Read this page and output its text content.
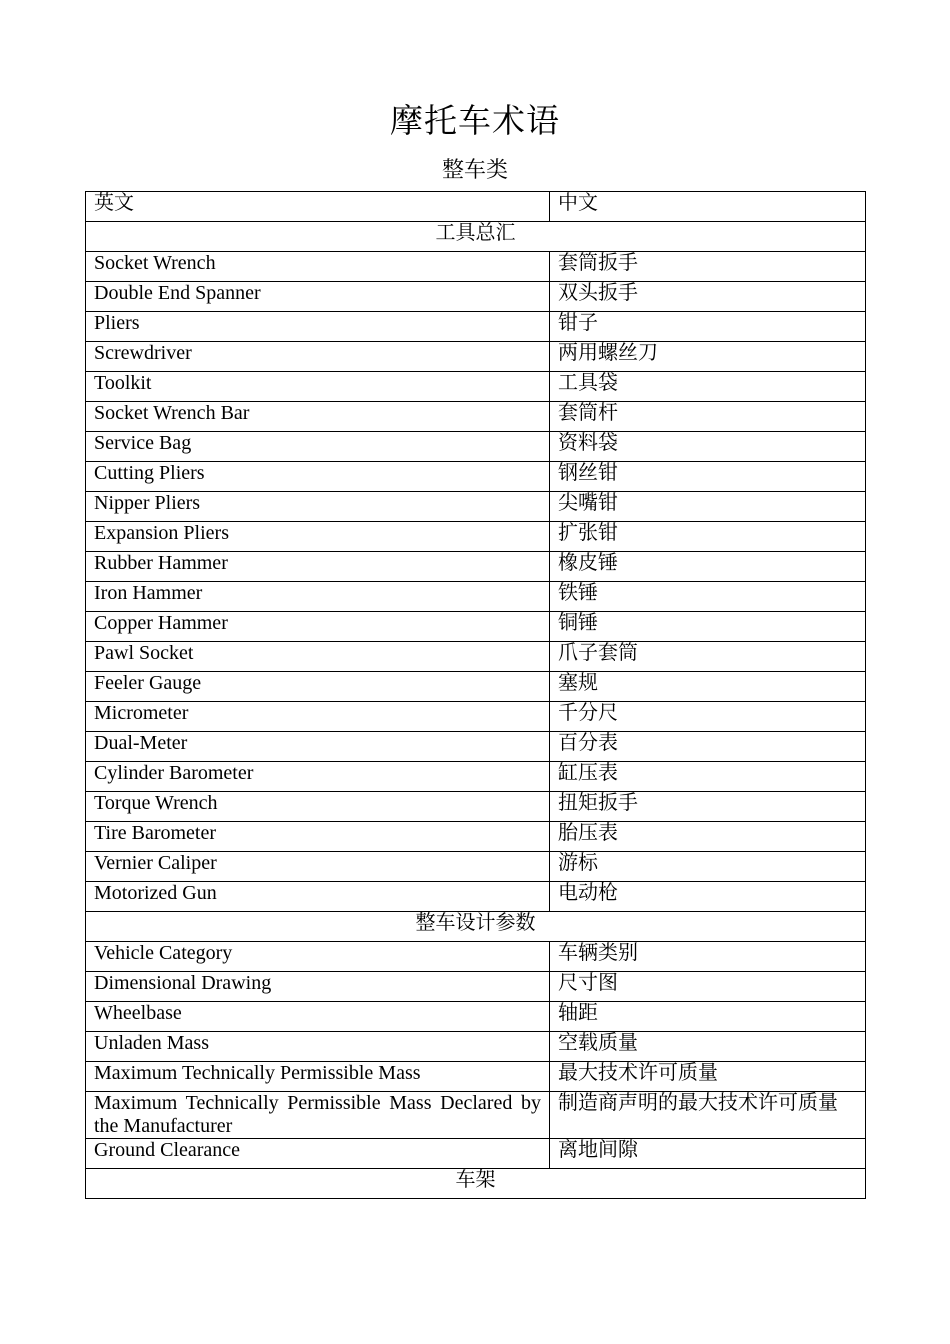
摩托车术语
整车类
英文	中文
工具总汇	
Socket Wrench	套筒扳手
Double End Spanner	双头扳手
Pliers	钳子
Screwdriver	两用螺丝刀
Toolkit	工具袋
Socket Wrench Bar	套筒杆
Service Bag	资料袋
Cutting Pliers	钢丝钳
Nipper Pliers	尖嘴钳
Expansion Pliers	扩张钳
Rubber Hammer	橡皮锤
Iron Hammer	铁锤
Copper Hammer	铜锤
Pawl Socket	爪子套筒
Feeler Gauge	塞规
Micrometer	千分尺
Dual-Meter	百分表
Cylinder Barometer	缸压表
Torque Wrench	扭矩扳手
Tire Barometer	胎压表
Vernier Caliper	游标
Motorized Gun	电动枪
整车设计参数	
Vehicle Category	车辆类别
Dimensional Drawing	尺寸图
Wheelbase	轴距
Unladen Mass	空载质量
Maximum Technically Permissible Mass	最大技术许可质量
Maximum Technically Permissible Mass Declared by the Manufacturer	制造商声明的最大技术许可质量
Ground Clearance	离地间隙
车架	
